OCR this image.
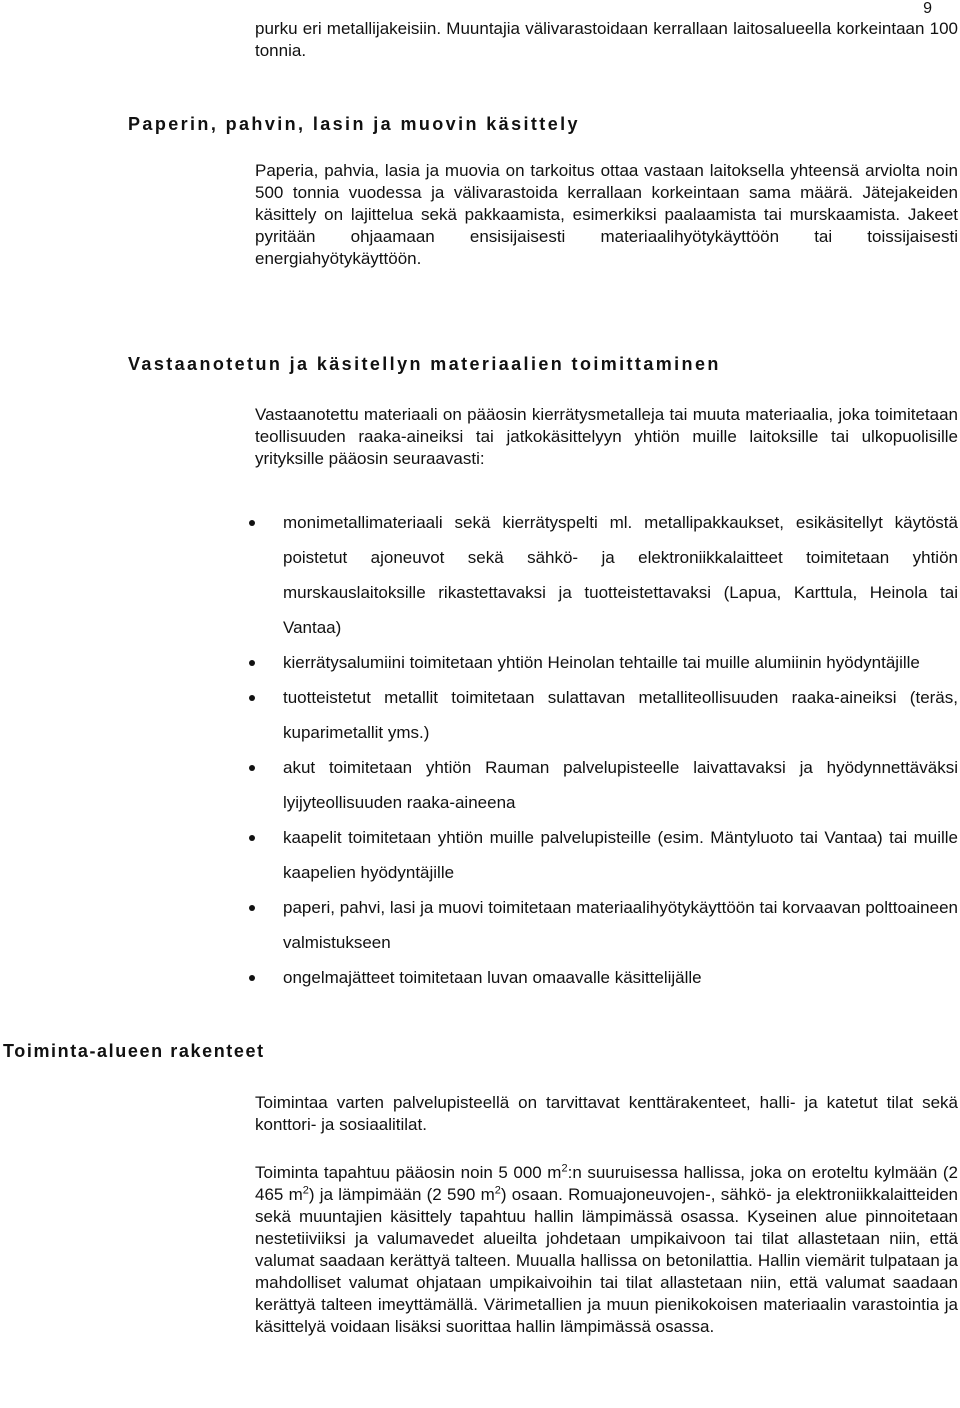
9

purku eri metallijakeisiin. Muuntajia välivarastoidaan kerrallaan laitosalueella korkeintaan 100 tonnia.

Paperin, pahvin, lasin ja muovin käsittely

Paperia, pahvia, lasia ja muovia on tarkoitus ottaa vastaan laitoksella yhteensä arviolta noin 500 tonnia vuodessa ja välivarastoida kerrallaan korkeintaan sama määrä. Jätejakeiden käsittely on lajittelua sekä pakkaamista, esimerkiksi paalaamista tai murskaamista. Jakeet pyritään ohjaamaan ensisijaisesti materiaalihyötykäyttöön tai toissijaisesti energiahyötykäyttöön.

Vastaanotetun ja käsitellyn materiaalien toimittaminen

Vastaanotettu materiaali on pääosin kierrätysmetalleja tai muuta materiaalia, joka toimitetaan teollisuuden raaka-aineiksi tai jatkokäsittelyyn yhtiön muille laitoksille tai ulkopuolisille yrityksille pääosin seuraavasti:

monimetallimateriaali sekä kierrätyspelti ml. metallipakkaukset, esikäsitellyt käytöstä poistetut ajoneuvot sekä sähkö- ja elektroniikkalaitteet toimitetaan yhtiön murskauslaitoksille rikastettavaksi ja tuotteistettavaksi (Lapua, Karttula, Heinola tai Vantaa)
kierrätysalumiini toimitetaan yhtiön Heinolan tehtaille tai muille alumiinin hyödyntäjille
tuotteistetut metallit toimitetaan sulattavan metalliteollisuuden raaka-aineiksi (teräs, kuparimetallit yms.)
akut toimitetaan yhtiön Rauman palvelupisteelle laivattavaksi ja hyödynnettäväksi lyijyteollisuuden raaka-aineena
kaapelit toimitetaan yhtiön muille palvelupisteille (esim. Mäntyluoto tai Vantaa) tai muille kaapelien hyödyntäjille
paperi, pahvi, lasi ja muovi toimitetaan materiaalihyötykäyttöön tai korvaavan polttoaineen valmistukseen
ongelmajätteet toimitetaan luvan omaavalle käsittelijälle
Toiminta-alueen rakenteet

Toimintaa varten palvelupisteellä on tarvittavat kenttärakenteet, halli- ja katetut tilat sekä konttori- ja sosiaalitilat.

Toiminta tapahtuu pääosin noin 5 000 $m^2:n$ suuruisessa hallissa, joka on eroteltu kylmään (2 465 $m^2$) ja lämpimään (2 590 $m^2$) osaan. Romuajoneuvojen-, sähkö- ja elektroniikkalaitteiden sekä muuntajien käsittely tapahtuu hallin lämpimässä osassa. Kyseinen alue pinnoitetaan nestetiiviiksi ja valumavedet alueilta johdetaan umpikaivoon tai tilat allastetaan niin, että valumat saadaan kerättyä talteen. Muualla hallissa on betonilattia. Hallin viemärit tulpataan ja mahdolliset valumat ohjataan umpikaivoihin tai tilat allastetaan niin, että valumat saadaan kerättyä talteen imeyttämällä. Värimetallien ja muun pienikokoisen materiaalin varastointia ja käsittelyä voidaan lisäksi suorittaa hallin lämpimässä osassa.
